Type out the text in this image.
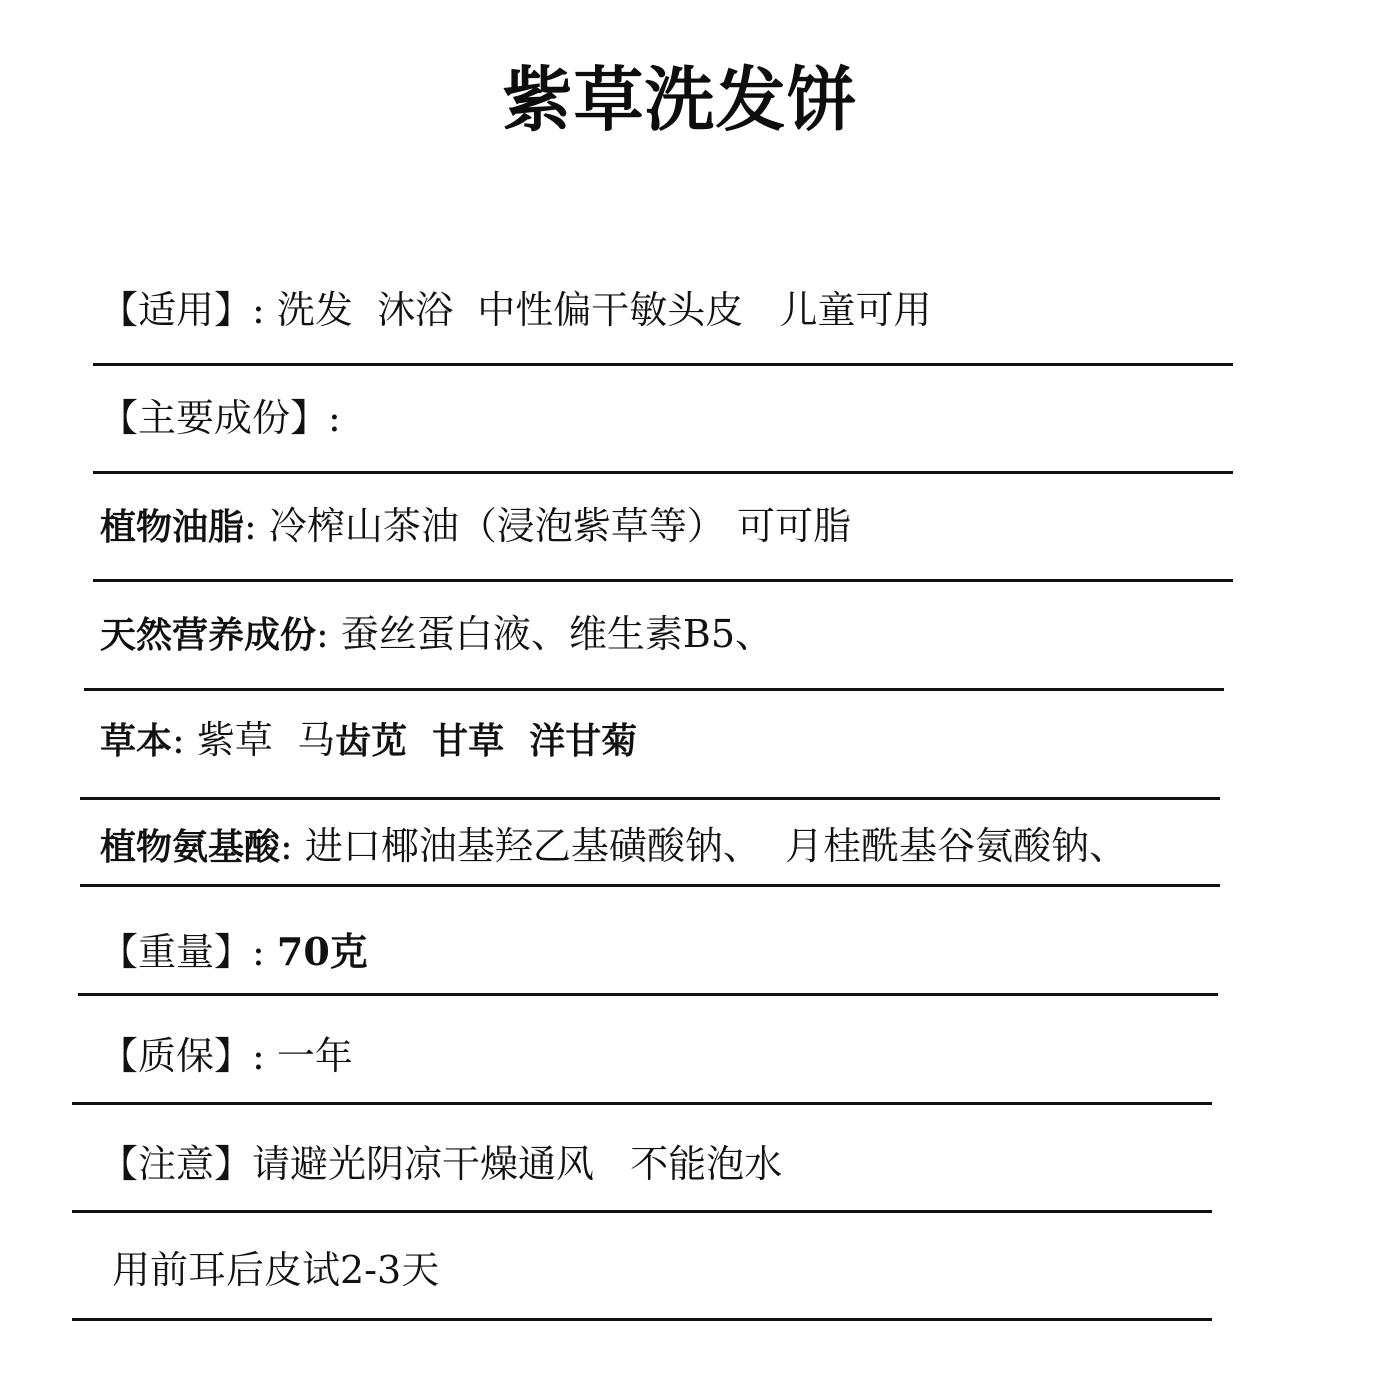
紫草洗发饼
【适用】: 洗发  沐浴  中性偏干敏头皮   儿童可用
【主要成份】:
植物油脂: 冷榨山茶油（浸泡紫草等） 可可脂
天然营养成份: 蚕丝蛋白液、维生素B5、
草本: 紫草  马齿苋  甘草  洋甘菊
植物氨基酸: 进口椰油基羟乙基磺酸钠、  月桂酰基谷氨酸钠、
【重量】: 70克
【质保】: 一年
【注意】请避光阴凉干燥通风   不能泡水
用前耳后皮试2-3天
